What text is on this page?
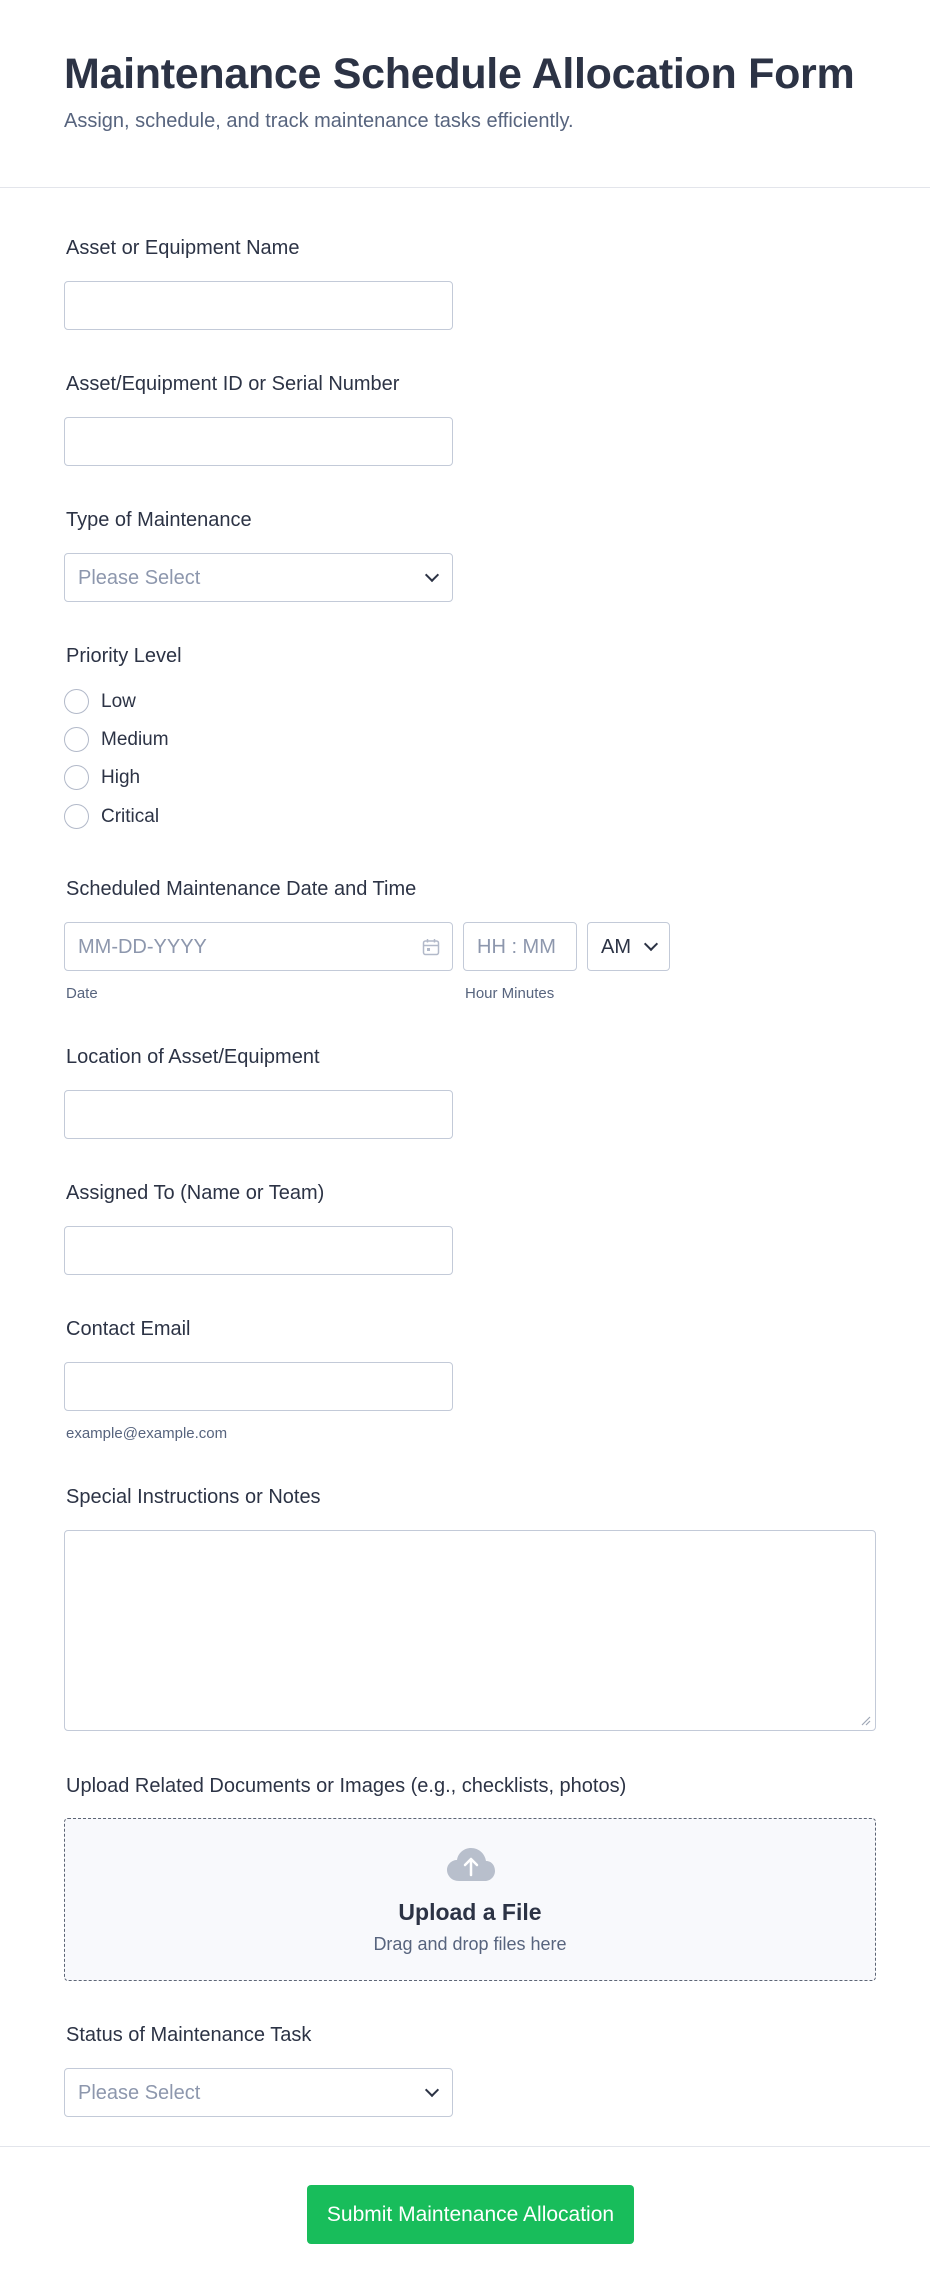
Maintenance Schedule Allocation Form
Assign, schedule, and track maintenance tasks efficiently.
Asset or Equipment Name
Asset/Equipment ID or Serial Number
Type of Maintenance
Please Select
Priority Level
Low
Medium
High
Critical
Scheduled Maintenance Date and Time
MM-DD-YYYY	HH : MM AM
Date	Hour Minutes
Location of Asset/Equipment
Assigned To (Name or Team)
Contact Email
example@example.com
Special Instructions or Notes
Upload Related Documents or Images (e.g., checklists, photos)
Upload a File
Drag and drop files here
Status of Maintenance Task
Please Select
Submit Maintenance Allocation
